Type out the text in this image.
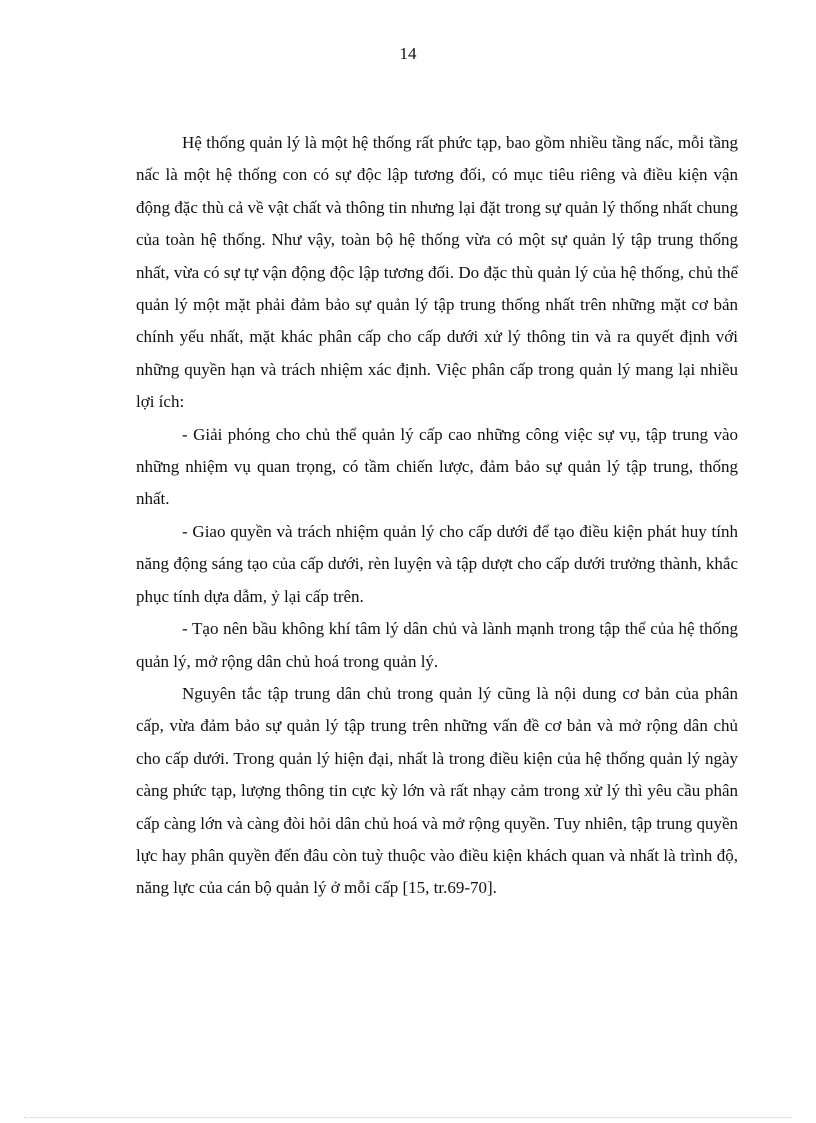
14

Hệ thống quản lý là một hệ thống rất phức tạp, bao gồm nhiều tầng nấc, mỗi tầng nấc là một hệ thống con có sự độc lập tương đối, có mục tiêu riêng và điều kiện vận động đặc thù cả về vật chất và thông tin nhưng lại đặt trong sự quản lý thống nhất chung của toàn hệ thống. Như vậy, toàn bộ hệ thống vừa có một sự quản lý tập trung thống nhất, vừa có sự tự vận động độc lập tương đối. Do đặc thù quản lý của hệ thống, chủ thể quản lý một mặt phải đảm bảo sự quản lý tập trung thống nhất trên những mặt cơ bản chính yếu nhất, mặt khác phân cấp cho cấp dưới xử lý thông tin và ra quyết định với những quyền hạn và trách nhiệm xác định. Việc phân cấp trong quản lý mang lại nhiều lợi ích:

- Giải phóng cho chủ thể quản lý cấp cao những công việc sự vụ, tập trung vào những nhiệm vụ quan trọng, có tầm chiến lược, đảm bảo sự quản lý tập trung, thống nhất.

- Giao quyền và trách nhiệm quản lý cho cấp dưới để tạo điều kiện phát huy tính năng động sáng tạo của cấp dưới, rèn luyện và tập dượt cho cấp dưới trưởng thành, khắc phục tính dựa dẫm, ỷ lại cấp trên.

- Tạo nên bầu không khí tâm lý dân chủ và lành mạnh trong tập thể của hệ thống quản lý, mở rộng dân chủ hoá trong quản lý.

Nguyên tắc tập trung dân chủ trong quản lý cũng là nội dung cơ bản của phân cấp, vừa đảm bảo sự quản lý tập trung trên những vấn đề cơ bản và mở rộng dân chủ cho cấp dưới. Trong quản lý hiện đại, nhất là trong điều kiện của hệ thống quản lý ngày càng phức tạp, lượng thông tin cực kỳ lớn và rất nhạy cảm trong xử lý thì yêu cầu phân cấp càng lớn và càng đòi hỏi dân chủ hoá và mở rộng quyền. Tuy nhiên, tập trung quyền lực hay phân quyền đến đâu còn tuỳ thuộc vào điều kiện khách quan và nhất là trình độ, năng lực của cán bộ quản lý ở mỗi cấp [15, tr.69-70].
